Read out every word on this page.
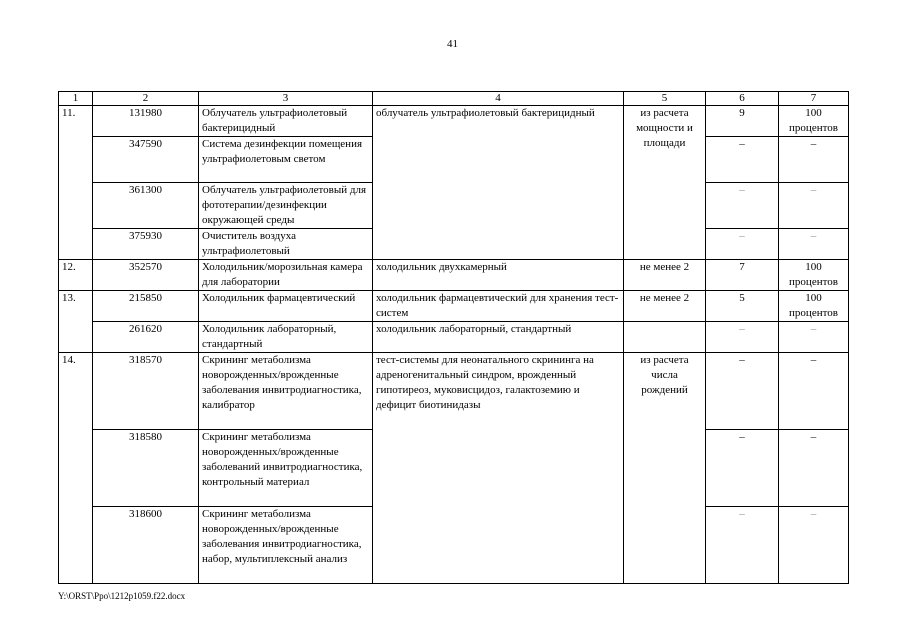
41
1	2	3	4	5	6	7
11.	131980	Облучатель ультрафиолетовый бактерицидный	облучатель ультрафиолетовый бактерицидный	из расчета мощности и площади	9	100 процентов
	347590	Система дезинфекции помещения ультрафиолетовым светом			–	–
	361300	Облучатель ультрафиолетовый для фототерапии/дезинфекции окружающей среды			–	–
	375930	Очиститель воздуха ультрафиолетовый			–	–
12.	352570	Холодильник/морозильная камера для лаборатории	холодильник двухкамерный	не менее 2	7	100 процентов
13.	215850	Холодильник фармацевтический	холодильник фармацевтический для хранения тест-систем	не менее 2	5	100 процентов
	261620	Холодильник лабораторный, стандартный	холодильник лабораторный, стандартный		–	–
14.	318570	Скрининг метаболизма новорожденных/врожденные заболевания инвитродиагностика, калибратор	тест-системы для неонатального скрининга на адреногенитальный синдром, врожденный гипотиреоз, муковисцидоз, галактоземию и дефицит биотинидазы	из расчета числа рождений	–	–
	318580	Скрининг метаболизма новорожденных/врожденные заболеваний инвитродиагностика, контрольный материал			–	–
	318600	Скрининг метаболизма новорожденных/врожденные заболевания инвитродиагностика, набор, мультиплексный анализ			–	–
Y:\ORST\Ppo\1212p1059.f22.docx
